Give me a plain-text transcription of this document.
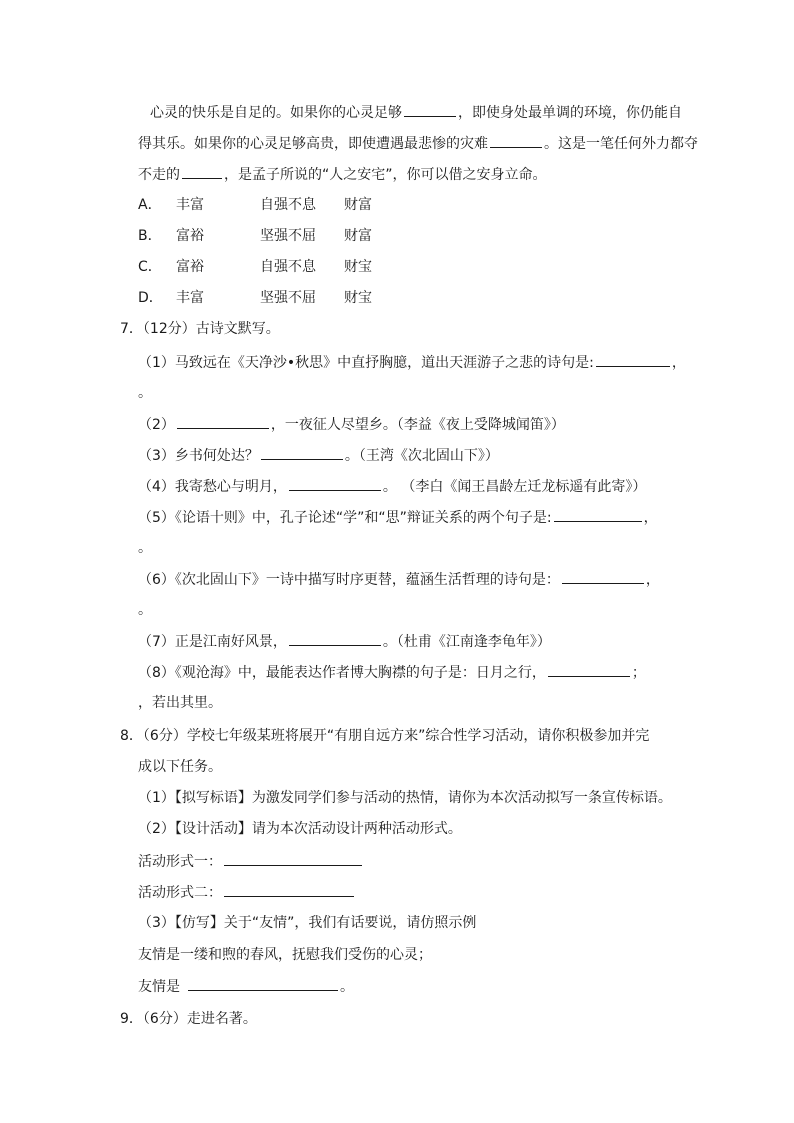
心灵的快乐是自足的。如果你的心灵足够	，即使身处最单调的环境，你仍能自
得其乐。如果你的心灵足够高贵，即使遭遇最悲惨的灾难	。这是一笔任何外力都夺
不走的	，是孟子所说的“人之安宅”，你可以借之安身立命。
A． 丰富	自强不息 财富
B． 富裕	坚强不屈 财富
C． 富裕	自强不息 财宝
D． 丰富	坚强不屈 财宝
7．（12分）古诗文默写。
（1）马致远在《天净沙•秋思》中直抒胸臆，道出天涯游子之悲的诗句是:	，
。
（2）	，一夜征人尽望乡。（李益《夜上受降城闻笛》）
（3）乡书何处达？	。（王湾《次北固山下》）
（4）我寄愁心与明月，	。 （李白《闻王昌龄左迁龙标遥有此寄》）
（5）《论语十则》中，孔子论述“学”和“思”辩证关系的两个句子是:	，
。
（6）《次北固山下》一诗中描写时序更替，蕴涵生活哲理的诗句是：	，
。
（7）正是江南好风景，	。（杜甫《江南逢李龟年》）
（8）《观沧海》中，最能表达作者博大胸襟的句子是：日月之行，	；
，若出其里。
8．（6分）学校七年级某班将展开“有朋自远方来”综合性学习活动，请你积极参加并完
成以下任务。
（1）【拟写标语】为激发同学们参与活动的热情，请你为本次活动拟写一条宣传标语。
（2）【设计活动】请为本次活动设计两种活动形式。
活动形式一：
活动形式二：
（3）【仿写】关于“友情”，我们有话要说，请仿照示例
友情是一缕和煦的春风，抚慰我们受伤的心灵；
友情是	。
9．（6分）走进名著。
